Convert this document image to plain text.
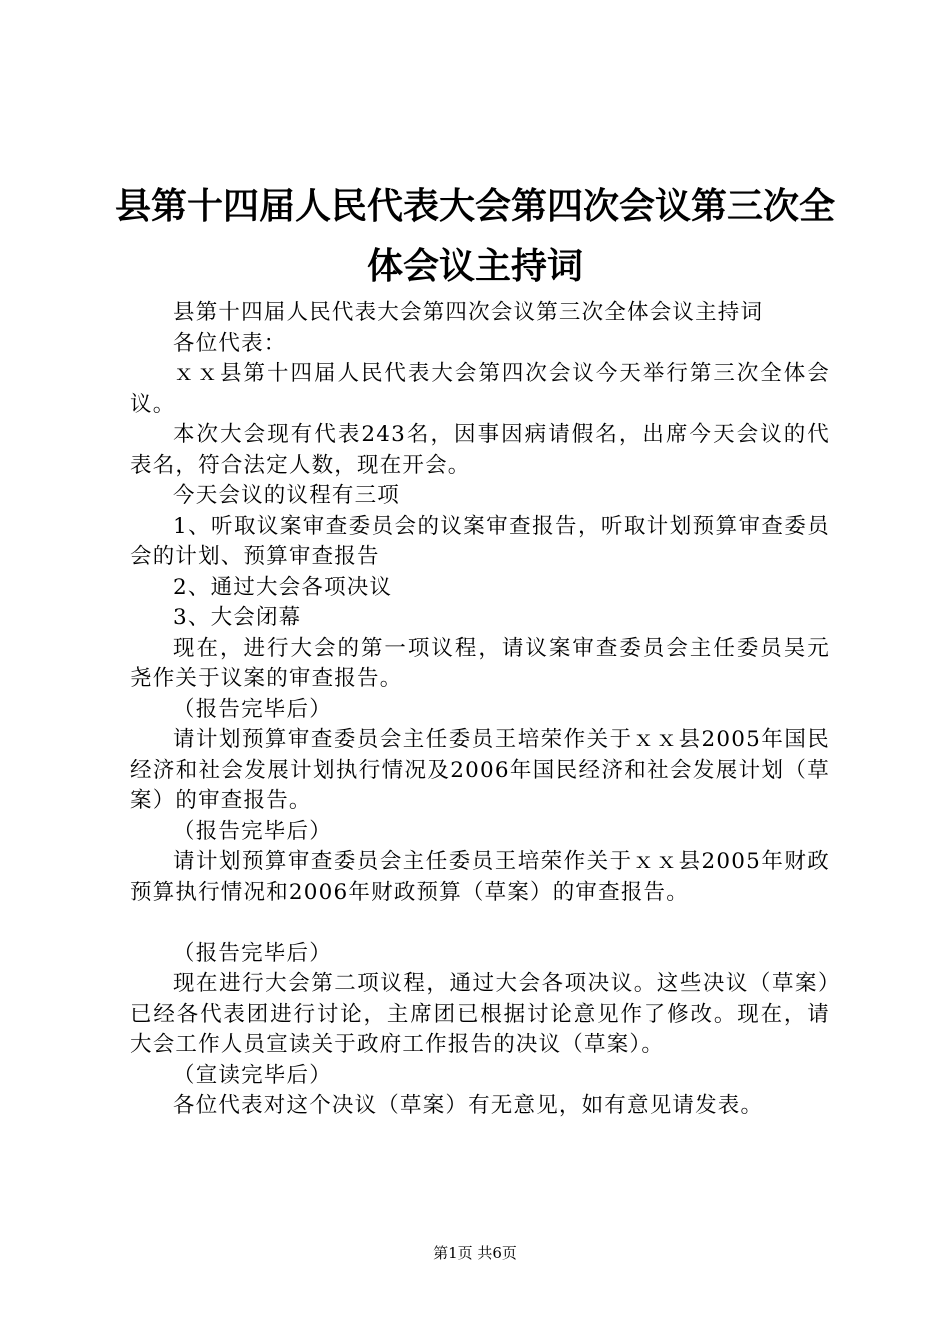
县第十四届人民代表大会第四次会议第三次全
体会议主持词

县第十四届人民代表大会第四次会议第三次全体会议主持词

各位代表：

ｘｘ县第十四届人民代表大会第四次会议今天举行第三次全体会议。

本次大会现有代表243名，因事因病请假名，出席今天会议的代表名，符合法定人数，现在开会。

今天会议的议程有三项

1、听取议案审查委员会的议案审查报告，听取计划预算审查委员会的计划、预算审查报告

2、通过大会各项决议

3、大会闭幕

现在，进行大会的第一项议程，请议案审查委员会主任委员吴元尧作关于议案的审查报告。

（报告完毕后）

请计划预算审查委员会主任委员王培荣作关于ｘｘ县2005年国民经济和社会发展计划执行情况及2006年国民经济和社会发展计划（草案）的审查报告。

（报告完毕后）

请计划预算审查委员会主任委员王培荣作关于ｘｘ县2005年财政预算执行情况和2006年财政预算（草案）的审查报告。

（报告完毕后）

现在进行大会第二项议程，通过大会各项决议。这些决议（草案）已经各代表团进行讨论，主席团已根据讨论意见作了修改。现在，请大会工作人员宣读关于政府工作报告的决议（草案）。

（宣读完毕后）

各位代表对这个决议（草案）有无意见，如有意见请发表。

第1页 共6页
